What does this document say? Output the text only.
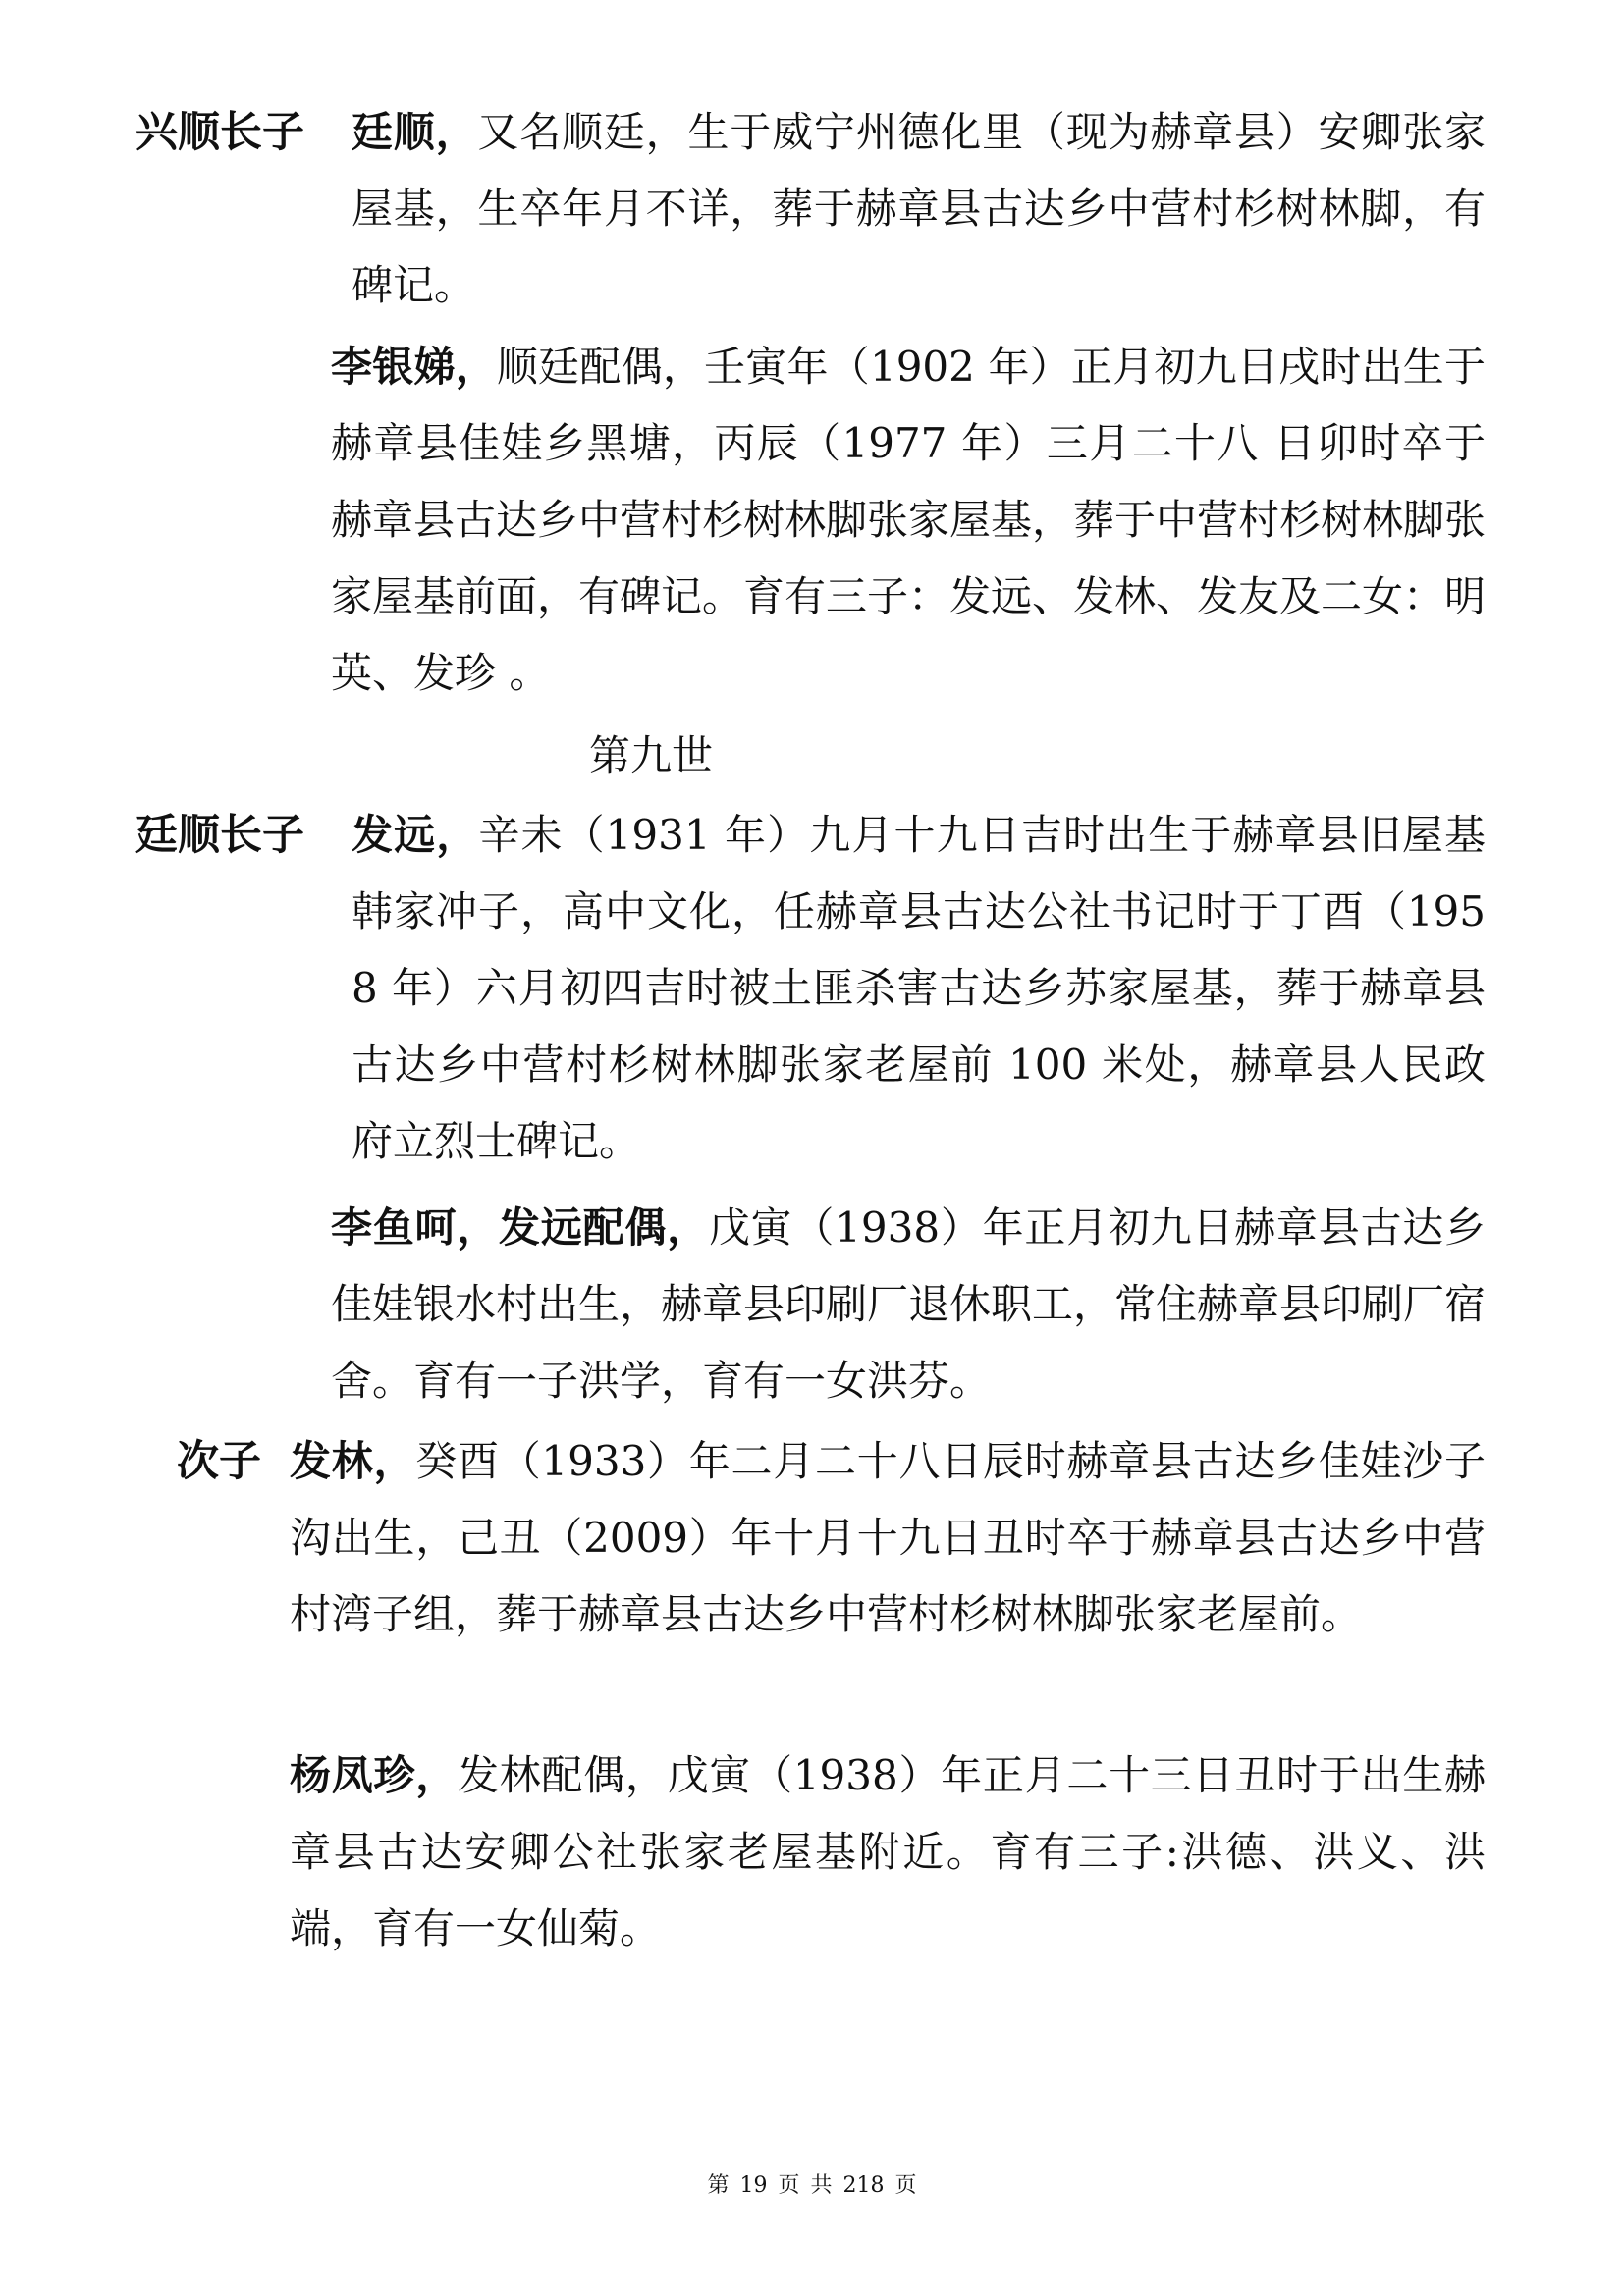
兴顺长子 廷顺，又名顺廷，生于威宁州德化里（现为赫章县）安卿张家屋基，生卒年月不详，葬于赫章县古达乡中营村杉树林脚，有碑记。

李银娣，顺廷配偶，壬寅年（1902 年）正月初九日戌时出生于赫章县佳娃乡黑塘，丙辰（1977 年）三月二十八 日卯时卒于赫章县古达乡中营村杉树林脚张家屋基，葬于中营村杉树林脚张家屋基前面，有碑记。育有三子：发远、发林、发友及二女：明英、发珍 。

第九世
廷顺长子 发远，辛未（1931 年）九月十九日吉时出生于赫章县旧屋基韩家冲子，高中文化，任赫章县古达公社书记时于丁酉（1958 年）六月初四吉时被土匪杀害古达乡苏家屋基，葬于赫章县古达乡中营村杉树林脚张家老屋前 100 米处，赫章县人民政府立烈士碑记。

李鱼呵，发远配偶，戊寅（1938）年正月初九日赫章县古达乡佳娃银水村出生，赫章县印刷厂退休职工，常住赫章县印刷厂宿舍。育有一子洪学，育有一女洪芬。

次子 发林，癸酉（1933）年二月二十八日辰时赫章县古达乡佳娃沙子沟出生，己丑（2009）年十月十九日丑时卒于赫章县古达乡中营村湾子组，葬于赫章县古达乡中营村杉树林脚张家老屋前。

杨凤珍，发林配偶，戊寅（1938）年正月二十三日丑时于出生赫章县古达安卿公社张家老屋基附近。育有三子:洪德、洪义、洪端，育有一女仙菊。

第 19 页 共 218 页
